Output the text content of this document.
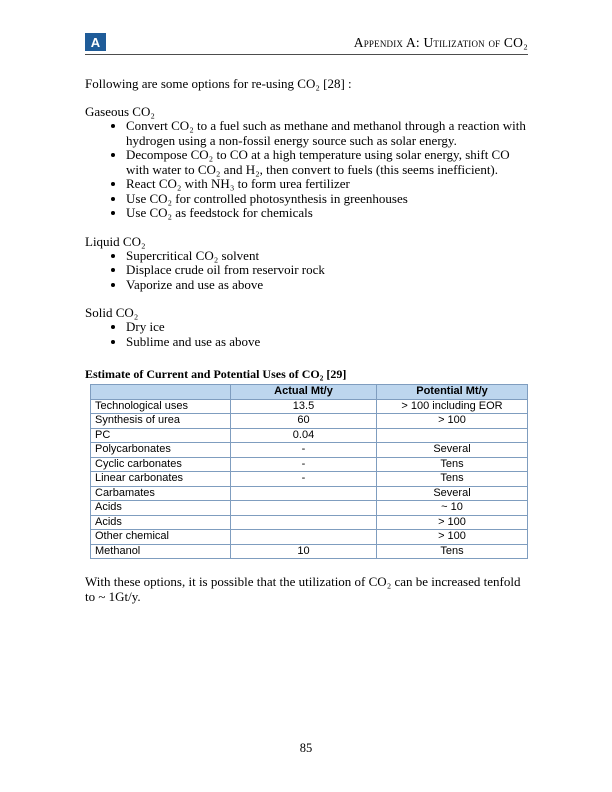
A	Appendix A: Utilization of CO₂

Following are some options for re-using CO₂ [28] :

Gaseous CO₂

• Convert CO₂ to a fuel such as methane and methanol through a reaction with hydrogen using a non-fossil energy source such as solar energy.
• Decompose CO₂ to CO at a high temperature using solar energy, shift CO with water to CO₂ and H₂, then convert to fuels (this seems inefficient).
• React CO₂ with NH₃ to form urea fertilizer
• Use CO₂ for controlled photosynthesis in greenhouses
• Use CO₂ as feedstock for chemicals

Liquid CO₂

• Supercritical CO₂ solvent
• Displace crude oil from reservoir rock
• Vaporize and use as above

Solid CO₂

• Dry ice
• Sublime and use as above

Estimate of Current and Potential Uses of CO₂ [29]

	Actual Mt/y	Potential Mt/y
Technological uses	13.5	> 100 including EOR
Synthesis of urea	60	> 100
PC	0.04	
Polycarbonates	-	Several
Cyclic carbonates	-	Tens
Linear carbonates	-	Tens
Carbamates		Several
Acids		~ 10
Acids		> 100
Other chemical		> 100
Methanol	10	Tens

With these options, it is possible that the utilization of CO₂ can be increased tenfold to ~ 1Gt/y.

85
